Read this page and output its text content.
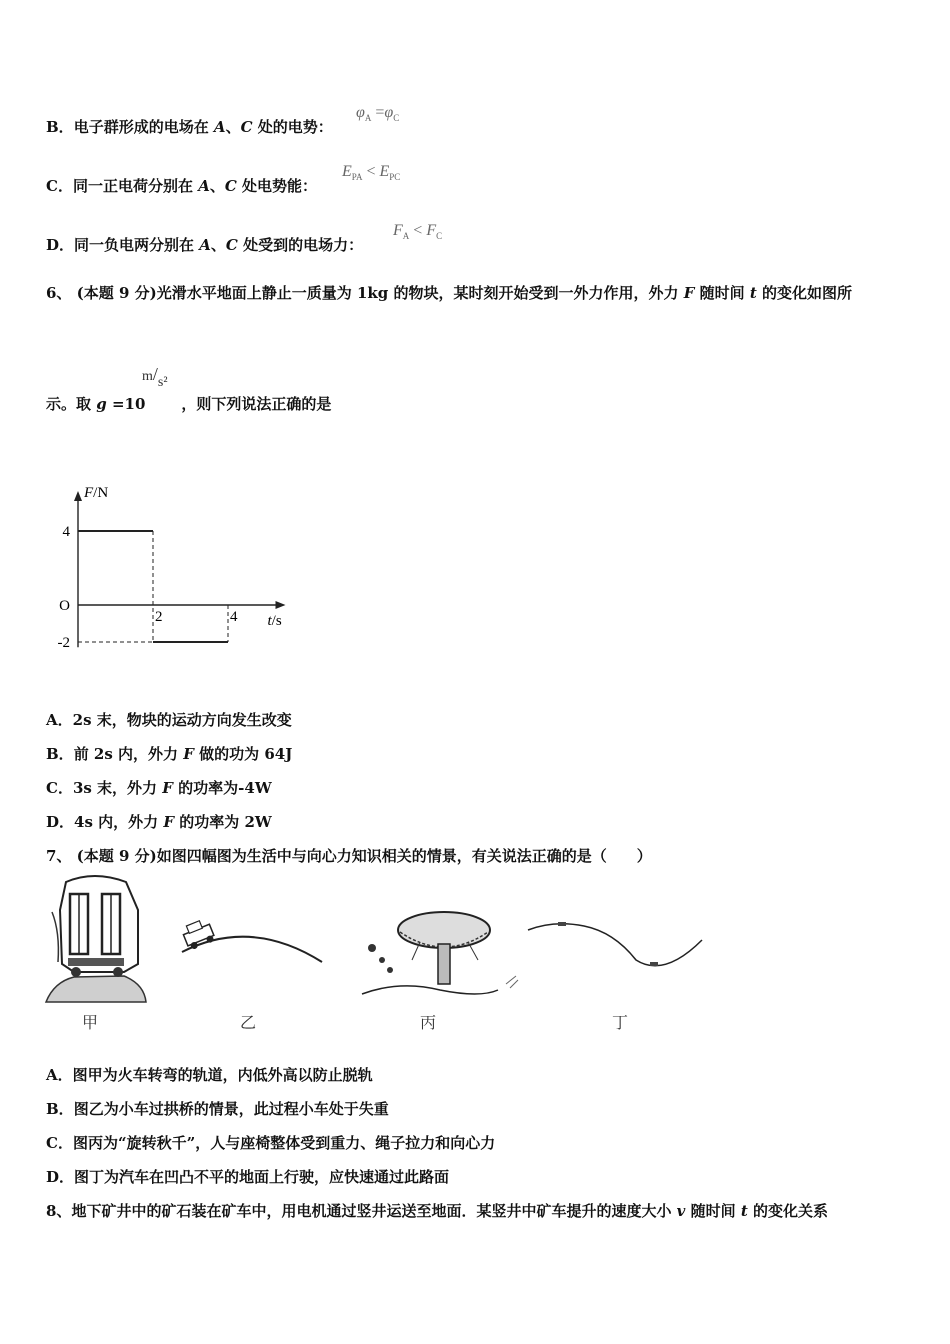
B．电子群形成的电场在 A、C 处的电势：
$\varphi_A =\varphi_C$
C．同一正电荷分别在 A、C 处电势能：
$E_{PA} < E_{PC}$
D．同一负电两分别在 A、C 处受到的电场力：
$F_A < F_C$
6、 (本题 9 分)光滑水平地面上静止一质量为 1kg 的物块，某时刻开始受到一外力作用，外力 F 随时间 t 的变化如图所
m/s²
示。取 g =10 ，则下列说法正确的是
F/N
t/s
4
O
-2
2	4
A．2s 末，物块的运动方向发生改变
B．前 2s 内，外力 F 做的功为 64J
C．3s 末，外力 F 的功率为-4W
D．4s 内，外力 F 的功率为 2W
7、 (本题 9 分)如图四幅图为生活中与向心力知识相关的情景，有关说法正确的是（　　）
甲	乙	丙	丁
A．图甲为火车转弯的轨道，内低外高以防止脱轨
B．图乙为小车过拱桥的情景，此过程小车处于失重
C．图丙为“旋转秋千”，人与座椅整体受到重力、绳子拉力和向心力
D．图丁为汽车在凹凸不平的地面上行驶，应快速通过此路面
8、地下矿井中的矿石装在矿车中，用电机通过竖井运送至地面．某竖井中矿车提升的速度大小 v 随时间 t 的变化关系
